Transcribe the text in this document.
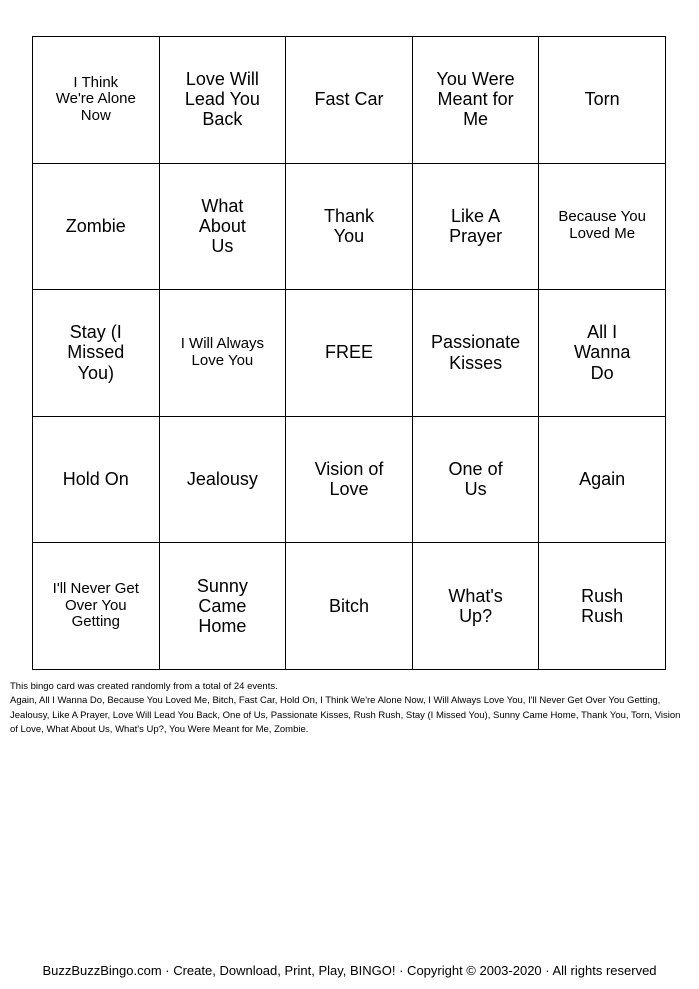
I Think We're Alone Now	Love Will Lead You Back	Fast Car	You Were Meant for Me	Torn
Zombie	What About Us	Thank You	Like A Prayer	Because You Loved Me
Stay (I Missed You)	I Will Always Love You	FREE	Passionate Kisses	All I Wanna Do
Hold On	Jealousy	Vision of Love	One of Us	Again
I'll Never Get Over You Getting	Sunny Came Home	Bitch	What's Up?	Rush Rush

This bingo card was created randomly from a total of 24 events.

Again, All I Wanna Do, Because You Loved Me, Bitch, Fast Car, Hold On, I Think We're Alone Now, I Will Always Love You, I'll Never Get Over You Getting, Jealousy, Like A Prayer, Love Will Lead You Back, One of Us, Passionate Kisses, Rush Rush, Stay (I Missed You), Sunny Came Home, Thank You, Torn, Vision of Love, What About Us, What's Up?, You Were Meant for Me, Zombie.

BuzzBuzzBingo.com · Create, Download, Print, Play, BINGO! · Copyright © 2003-2020 · All rights reserved
